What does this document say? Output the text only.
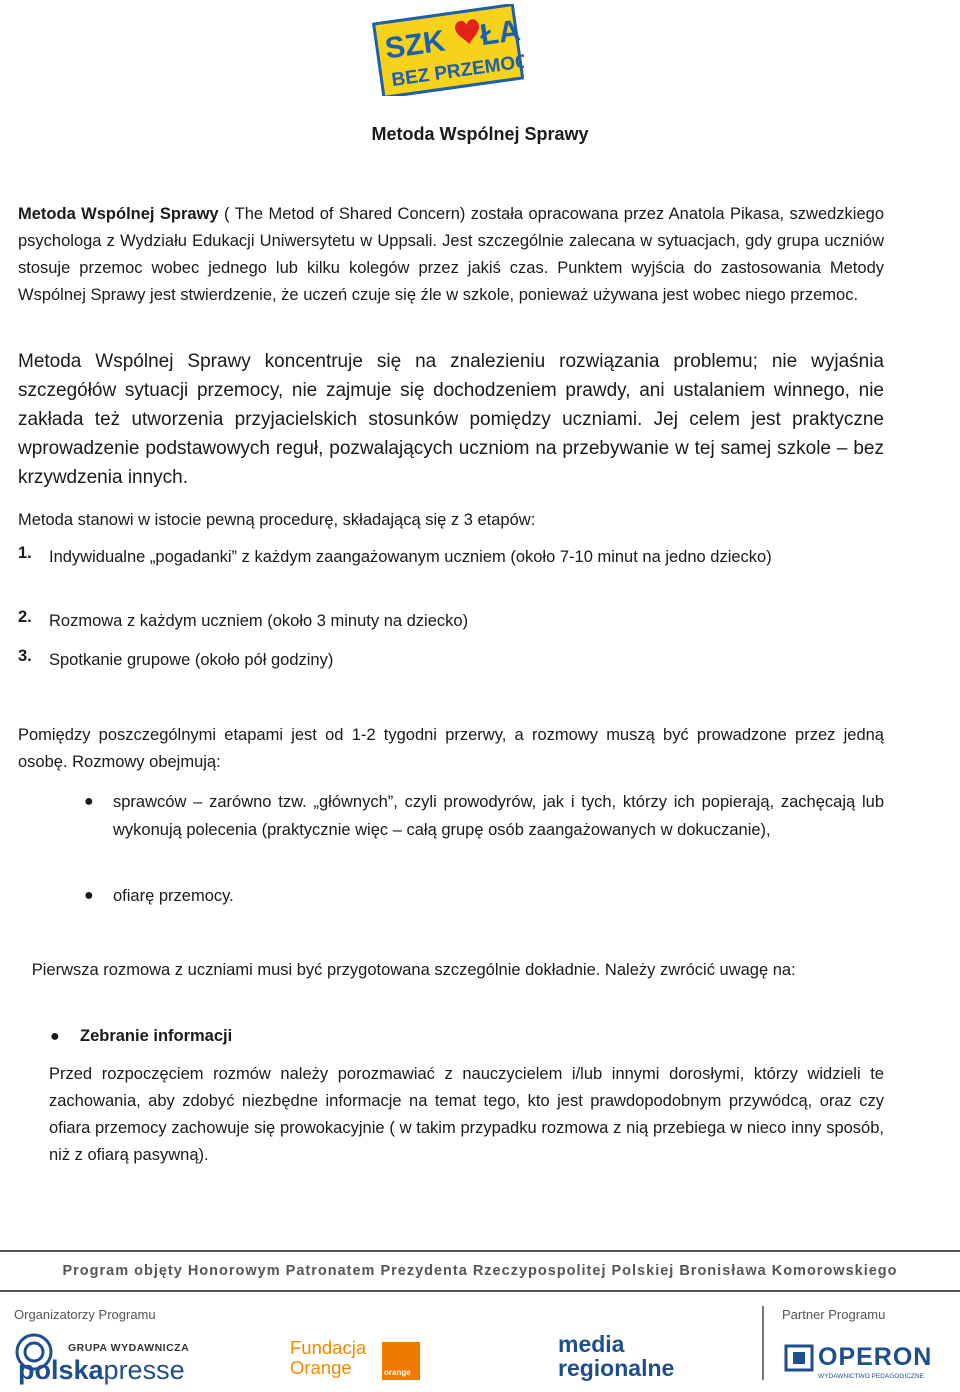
SZK ŁA
BEZ PRZEMOCY
Metoda Wspólnej Sprawy

Metoda Wspólnej Sprawy ( The Metod of Shared Concern) została opracowana przez Anatola Pikasa, szwedzkiego psychologa z Wydziału Edukacji Uniwersytetu w Uppsali. Jest szczególnie zalecana w sytuacjach, gdy grupa uczniów stosuje przemoc wobec jednego lub kilku kolegów przez jakiś czas. Punktem wyjścia do zastosowania Metody Wspólnej Sprawy jest stwierdzenie, że uczeń czuje się źle w szkole, ponieważ używana jest wobec niego przemoc.

Metoda Wspólnej Sprawy koncentruje się na znalezieniu rozwiązania problemu; nie wyjaśnia szczegółów sytuacji przemocy, nie zajmuje się dochodzeniem prawdy, ani ustalaniem winnego, nie zakłada też utworzenia przyjacielskich stosunków pomiędzy uczniami. Jej celem jest praktyczne wprowadzenie podstawowych reguł, pozwalających uczniom na przebywanie w tej samej szkole – bez krzywdzenia innych.

Metoda stanowi w istocie pewną procedurę, składającą się z 3 etapów:

1. Indywidualne „pogadanki” z każdym zaangażowanym uczniem (około 7-10 minut na jedno dziecko)

2. Rozmowa z każdym uczniem (około 3 minuty na dziecko)

3. Spotkanie grupowe (około pół godziny)

Pomiędzy poszczególnymi etapami jest od 1-2 tygodni przerwy, a rozmowy muszą być prowadzone przez jedną osobę. Rozmowy obejmują:

● sprawców – zarówno tzw. „głównych”, czyli prowodyrów, jak i tych, którzy ich popierają, zachęcają lub wykonują polecenia (praktycznie więc – całą grupę osób zaangażowanych w dokuczanie),

● ofiarę przemocy.

Pierwsza rozmowa z uczniami musi być przygotowana szczególnie dokładnie. Należy zwrócić uwagę na:

● Zebranie informacji

Przed rozpoczęciem rozmów należy porozmawiać z nauczycielem i/lub innymi dorosłymi, którzy widzieli te zachowania, aby zdobyć niezbędne informacje na temat tego, kto jest prawdopodobnym przywódcą, oraz czy ofiara przemocy zachowuje się prowokacyjnie ( w takim przypadku rozmowa z nią przebiega w nieco inny sposób, niż z ofiarą pasywną).

Program objęty Honorowym Patronatem Prezydenta Rzeczypospolitej Polskiej Bronisława Komorowskiego
Organizatorzy Programu	Partner Programu
GRUPA WYDAWNICZA
polskapresse
Fundacja
Orange	orange
media
regionalne	OPERON
WYDAWNICTWO PEDAGOGICZNE
